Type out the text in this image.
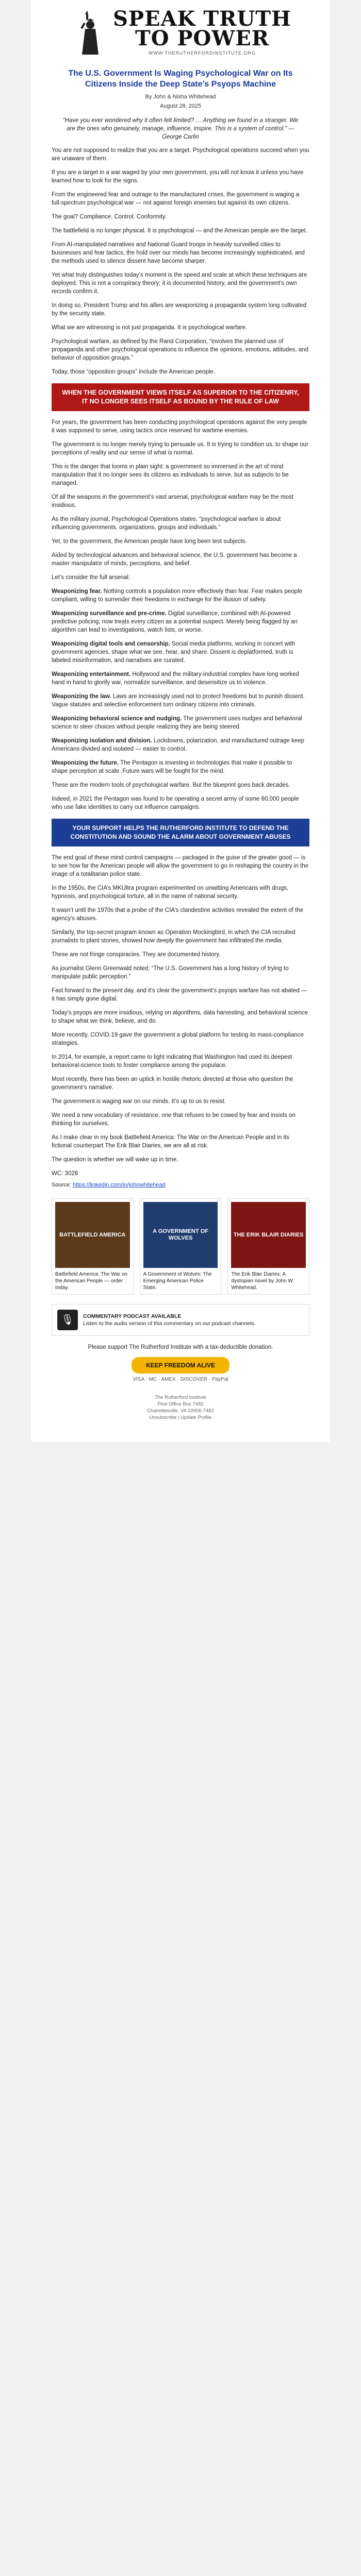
SPEAK TRUTH
TO POWER
WWW.THERUTHERFORDINSTITUTE.ORG
The U.S. Government Is Waging Psychological War on Its Citizens Inside the Deep State’s Psyops Machine
By John & Nisha Whitehead
August 28, 2025

“Have you ever wondered why it often felt limited? … Anything we found in a stranger. We are the ones who genuinely, manage, influence, inspire. This is a system of control.” — George Carlin

You are not supposed to realize that you are a target. Psychological operations succeed when you are unaware of them.

If you are a target in a war waged by your own government, you will not know it unless you have learned how to look for the signs.

From the engineered fear and outrage to the manufactured crises, the government is waging a full-spectrum psychological war — not against foreign enemies but against its own citizens.

The goal? Compliance. Control. Conformity.

The battlefield is no longer physical. It is psychological — and the American people are the target.

From AI-manipulated narratives and National Guard troops in heavily surveilled cities to businesses and fear tactics, the hold over our minds has become increasingly sophisticated, and the methods used to silence dissent have become sharper.

Yet what truly distinguishes today’s moment is the speed and scale at which these techniques are deployed. This is not a conspiracy theory; it is documented history, and the government’s own records confirm it.

In doing so, President Trump and his allies are weaponizing a propaganda system long cultivated by the security state.

What we are witnessing is not just propaganda. It is psychological warfare.

Psychological warfare, as defined by the Rand Corporation, “involves the planned use of propaganda and other psychological operations to influence the opinions, emotions, attitudes, and behavior of opposition groups.”

Today, those “opposition groups” include the American people.

WHEN THE GOVERNMENT VIEWS ITSELF AS SUPERIOR TO THE CITIZENRY, IT NO LONGER SEES ITSELF AS BOUND BY THE RULE OF LAW

For years, the government has been conducting psychological operations against the very people it was supposed to serve, using tactics once reserved for wartime enemies.

The government is no longer merely trying to persuade us. It is trying to condition us, to shape our perceptions of reality and our sense of what is normal.

This is the danger that looms in plain sight: a government so immersed in the art of mind manipulation that it no longer sees its citizens as individuals to serve, but as subjects to be managed.

Of all the weapons in the government’s vast arsenal, psychological warfare may be the most insidious.

As the military journal, Psychological Operations states, “psychological warfare is about influencing governments, organizations, groups and individuals.”

Yet, to the government, the American people have long been test subjects.

Aided by technological advances and behavioral science, the U.S. government has become a master manipulator of minds, perceptions, and belief.

Let’s consider the full arsenal:

Weaponizing fear. Nothing controls a population more effectively than fear. Fear makes people compliant, willing to surrender their freedoms in exchange for the illusion of safety.

Weaponizing surveillance and pre-crime. Digital surveillance, combined with AI-powered predictive policing, now treats every citizen as a potential suspect. Merely being flagged by an algorithm can lead to investigations, watch lists, or worse.

Weaponizing digital tools and censorship. Social media platforms, working in concert with government agencies, shape what we see, hear, and share. Dissent is deplatformed, truth is labeled misinformation, and narratives are curated.

Weaponizing entertainment. Hollywood and the military-industrial complex have long worked hand in hand to glorify war, normalize surveillance, and desensitize us to violence.

Weaponizing the law. Laws are increasingly used not to protect freedoms but to punish dissent. Vague statutes and selective enforcement turn ordinary citizens into criminals.

Weaponizing behavioral science and nudging. The government uses nudges and behavioral science to steer choices without people realizing they are being steered.

Weaponizing isolation and division. Lockdowns, polarization, and manufactured outrage keep Americans divided and isolated — easier to control.

Weaponizing the future. The Pentagon is investing in technologies that make it possible to shape perception at scale. Future wars will be fought for the mind.

These are the modern tools of psychological warfare. But the blueprint goes back decades.

Indeed, in 2021 the Pentagon was found to be operating a secret army of some 60,000 people who use fake identities to carry out influence campaigns.

YOUR SUPPORT HELPS THE RUTHERFORD INSTITUTE TO DEFEND THE CONSTITUTION AND SOUND THE ALARM ABOUT GOVERNMENT ABUSES

The end goal of these mind control campaigns — packaged in the guise of the greater good — is to see how far the American people will allow the government to go in reshaping the country in the image of a totalitarian police state.

In the 1950s, the CIA’s MKUltra program experimented on unwitting Americans with drugs, hypnosis, and psychological torture, all in the name of national security.

It wasn’t until the 1970s that a probe of the CIA’s clandestine activities revealed the extent of the agency’s abuses.

Similarly, the top-secret program known as Operation Mockingbird, in which the CIA recruited journalists to plant stories, showed how deeply the government has infiltrated the media.

These are not fringe conspiracies. They are documented history.

As journalist Glenn Greenwald noted, “The U.S. Government has a long history of trying to manipulate public perception.”

Fast forward to the present day, and it’s clear the government’s psyops warfare has not abated — it has simply gone digital.

Today’s psyops are more insidious, relying on algorithms, data harvesting, and behavioral science to shape what we think, believe, and do.

More recently, COVID-19 gave the government a global platform for testing its mass-compliance strategies.

In 2014, for example, a report came to light indicating that Washington had used its deepest behavioral-science tools to foster compliance among the populace.

Most recently, there has been an uptick in hostile rhetoric directed at those who question the government’s narrative.

The government is waging war on our minds. It’s up to us to resist.

We need a new vocabulary of resistance, one that refuses to be cowed by fear and insists on thinking for ourselves.

As I make clear in my book Battlefield America: The War on the American People and in its fictional counterpart The Erik Blair Diaries, we are all at risk.

The question is whether we will wake up in time.

WC: 3028

Source: https://linkedin.com/in/johnwhitehead

BATTLEFIELD AMERICA
Battlefield America: The War on the American People — order today.
A GOVERNMENT OF WOLVES
A Government of Wolves: The Emerging American Police State.
THE ERIK BLAIR DIARIES
The Erik Blair Diaries: A dystopian novel by John W. Whitehead.
🎙	COMMENTARY PODCAST AVAILABLE
Listen to the audio version of this commentary on our podcast channels.

Please support The Rutherford Institute with a tax-deductible donation.

KEEP FREEDOM ALIVE
VISA · MC · AMEX · DISCOVER · PayPal
The Rutherford Institute
Post Office Box 7482
Charlottesville, VA 22906-7482
Unsubscribe | Update Profile
